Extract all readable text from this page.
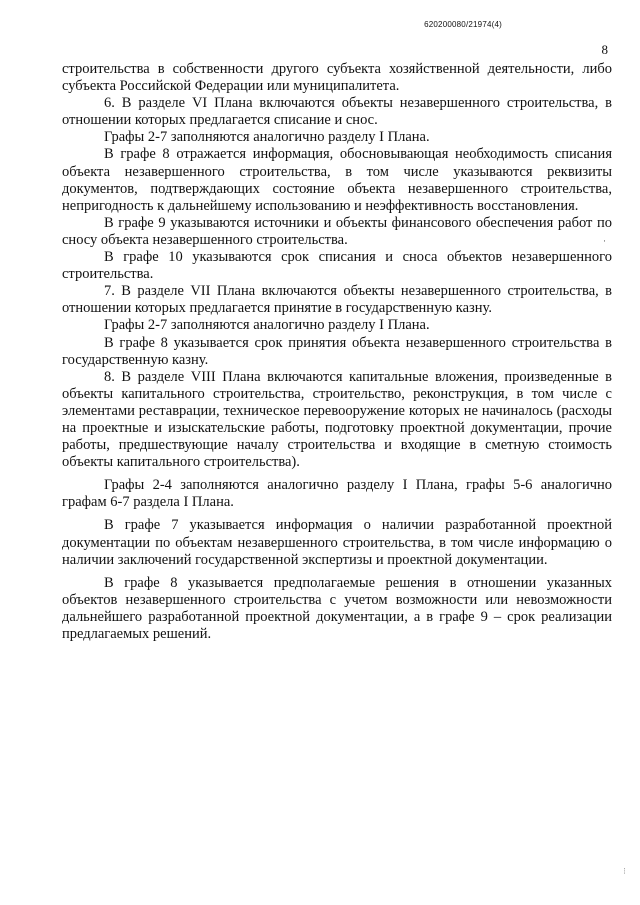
620200080/21974(4)
8

строительства в собственности другого субъекта хозяйственной деятельности, либо субъекта Российской Федерации или муниципалитета.

6. В разделе VI Плана включаются объекты незавершенного строительства, в отношении которых предлагается списание и снос.

Графы 2-7 заполняются аналогично разделу I Плана.

В графе 8 отражается информация, обосновывающая необходимость списания объекта незавершенного строительства, в том числе указываются реквизиты документов, подтверждающих состояние объекта незавершенного строительства, непригодность к дальнейшему использованию и неэффективность восстановления.

В графе 9 указываются источники и объекты финансового обеспечения работ по сносу объекта незавершенного строительства.

В графе 10 указываются срок списания и сноса объектов незавершенного строительства.

7. В разделе VII Плана включаются объекты незавершенного строительства, в отношении которых предлагается принятие в государственную казну.

Графы 2-7 заполняются аналогично разделу I Плана.

В графе 8 указывается срок принятия объекта незавершенного строительства в государственную казну.

8. В разделе VIII Плана включаются капитальные вложения, произведенные в объекты капитального строительства, строительство, реконструкция, в том числе с элементами реставрации, техническое перевооружение которых не начиналось (расходы на проектные и изыскательские работы, подготовку проектной документации, прочие работы, предшествующие началу строительства и входящие в сметную стоимость объекты капитального строительства).

Графы 2-4 заполняются аналогично разделу I Плана, графы 5-6 аналогично графам 6-7 раздела I Плана.

В графе 7 указывается информация о наличии разработанной проектной документации по объектам незавершенного строительства, в том числе информацию о наличии заключений государственной экспертизы и проектной документации.

В графе 8 указывается предполагаемые решения в отношении указанных объектов незавершенного строительства с учетом возможности или невозможности дальнейшего разработанной проектной документации, а в графе 9 – срок реализации предлагаемых решений.

·
⁝
